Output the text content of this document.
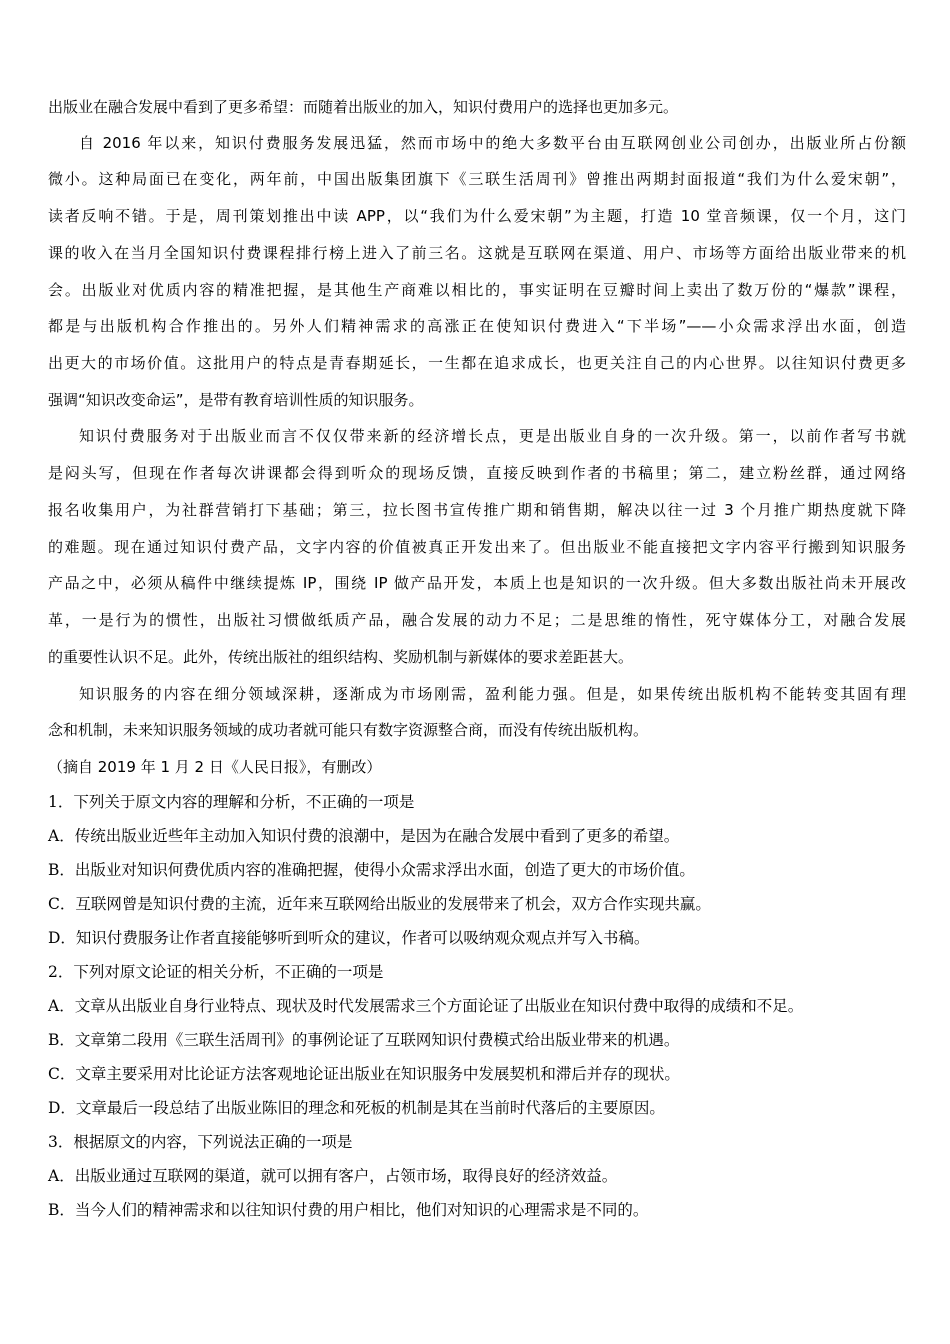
出版业在融合发展中看到了更多希望：而随着出版业的加入，知识付费用户的选择也更加多元。
自 2016 年以来，知识付费服务发展迅猛，然而市场中的绝大多数平台由互联网创业公司创办，出版业所占份额
微小。这种局面已在变化，两年前，中国出版集团旗下《三联生活周刊》曾推出两期封面报道“我们为什么爱宋朝”，
读者反响不错。于是，周刊策划推出中读 APP，以“我们为什么爱宋朝”为主题，打造 10 堂音频课，仅一个月，这门
课的收入在当月全国知识付费课程排行榜上进入了前三名。这就是互联网在渠道、用户、市场等方面给出版业带来的机
会。出版业对优质内容的精准把握，是其他生产商难以相比的，事实证明在豆瓣时间上卖出了数万份的“爆款”课程，
都是与出版机构合作推出的。另外人们精神需求的高涨正在使知识付费进入“下半场”——小众需求浮出水面，创造
出更大的市场价值。这批用户的特点是青春期延长，一生都在追求成长，也更关注自己的内心世界。以往知识付费更多
强调“知识改变命运”，是带有教育培训性质的知识服务。
知识付费服务对于出版业而言不仅仅带来新的经济增长点，更是出版业自身的一次升级。第一，以前作者写书就
是闷头写，但现在作者每次讲课都会得到听众的现场反馈，直接反映到作者的书稿里；第二，建立粉丝群，通过网络
报名收集用户，为社群营销打下基础；第三，拉长图书宣传推广期和销售期，解决以往一过 3 个月推广期热度就下降
的难题。现在通过知识付费产品，文字内容的价值被真正开发出来了。但出版业不能直接把文字内容平行搬到知识服务
产品之中，必须从稿件中继续提炼 IP，围绕 IP 做产品开发，本质上也是知识的一次升级。但大多数出版社尚未开展改
革，一是行为的惯性，出版社习惯做纸质产品，融合发展的动力不足；二是思维的惰性，死守媒体分工，对融合发展
的重要性认识不足。此外，传统出版社的组织结构、奖励机制与新媒体的要求差距甚大。
知识服务的内容在细分领域深耕，逐渐成为市场刚需，盈利能力强。但是，如果传统出版机构不能转变其固有理
念和机制，未来知识服务领域的成功者就可能只有数字资源整合商，而没有传统出版机构。
（摘自 2019 年 1 月 2 日《人民日报》，有删改）
1．下列关于原文内容的理解和分析，不正确的一项是
A．传统出版业近些年主动加入知识付费的浪潮中，是因为在融合发展中看到了更多的希望。
B．出版业对知识何费优质内容的准确把握，使得小众需求浮出水面，创造了更大的市场价值。
C．互联网曾是知识付费的主流，近年来互联网给出版业的发展带来了机会，双方合作实现共赢。
D．知识付费服务让作者直接能够听到听众的建议，作者可以吸纳观众观点并写入书稿。
2．下列对原文论证的相关分析，不正确的一项是
A．文章从出版业自身行业特点、现状及时代发展需求三个方面论证了出版业在知识付费中取得的成绩和不足。
B．文章第二段用《三联生活周刊》的事例论证了互联网知识付费模式给出版业带来的机遇。
C．文章主要采用对比论证方法客观地论证出版业在知识服务中发展契机和滞后并存的现状。
D．文章最后一段总结了出版业陈旧的理念和死板的机制是其在当前时代落后的主要原因。
3．根据原文的内容，下列说法正确的一项是
A．出版业通过互联网的渠道，就可以拥有客户，占领市场，取得良好的经济效益。
B．当今人们的精神需求和以往知识付费的用户相比，他们对知识的心理需求是不同的。
